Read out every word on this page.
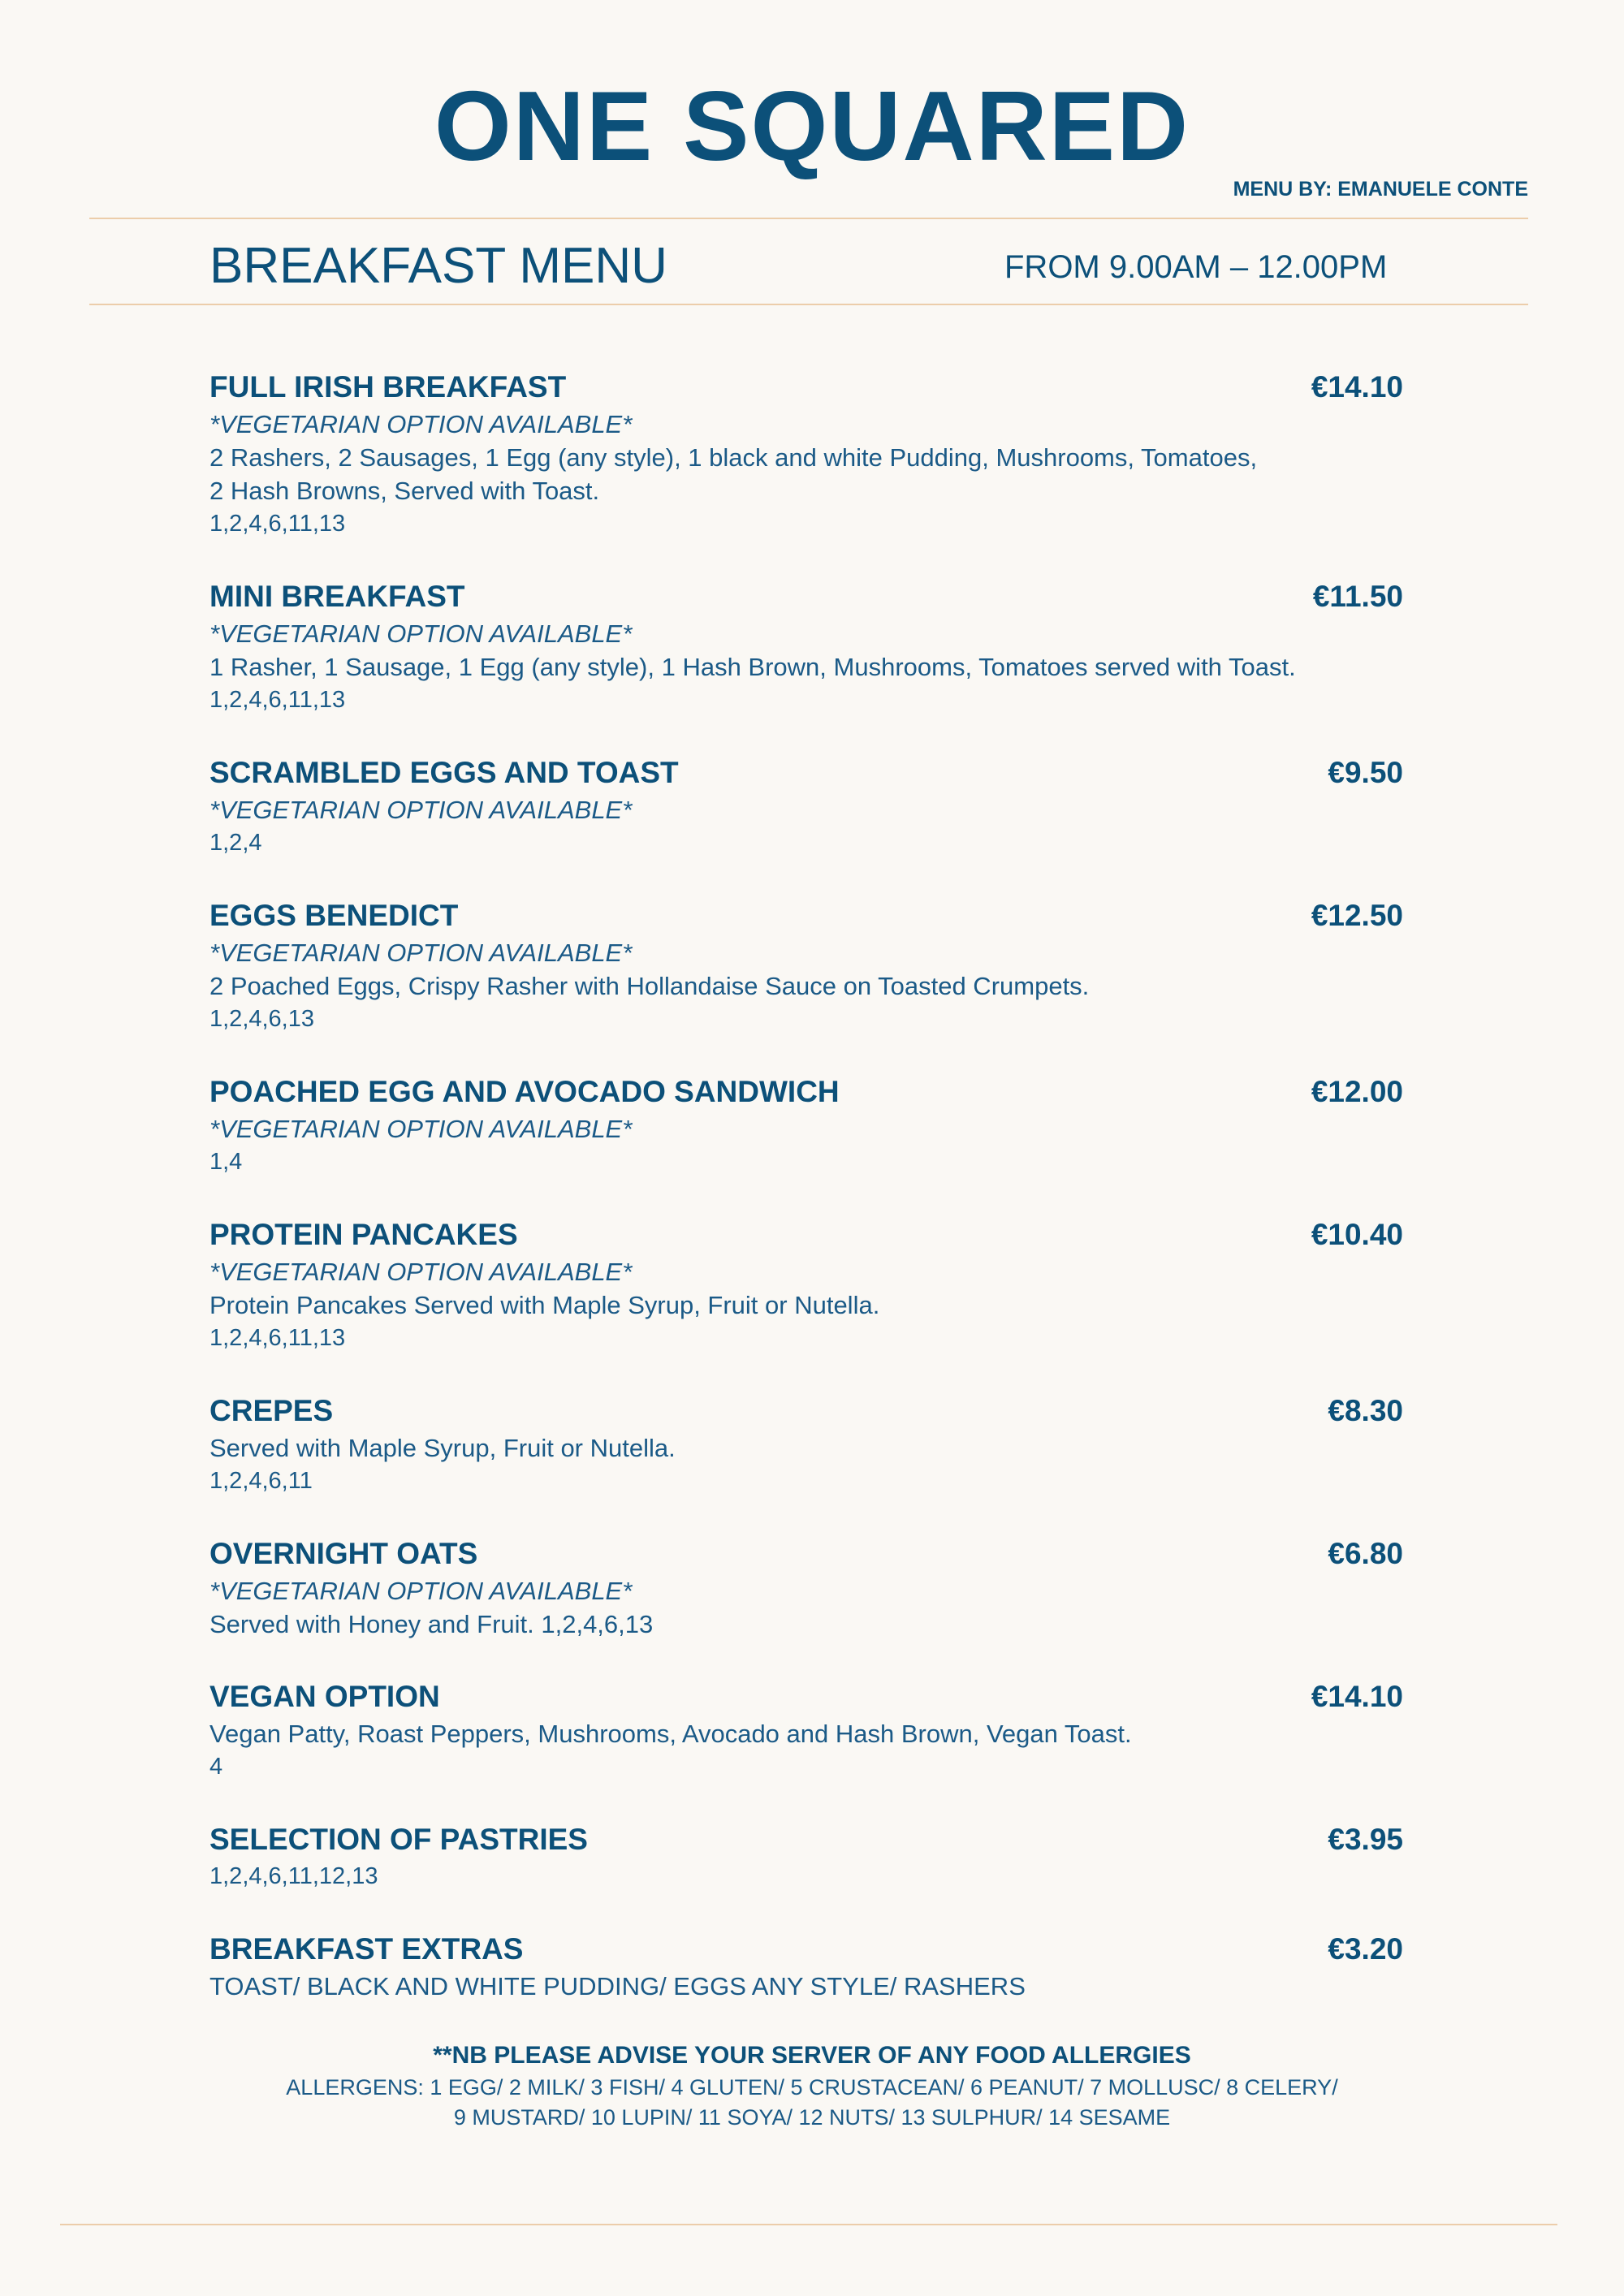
ONE SQUARED
MENU BY: EMANUELE CONTE
BREAKFAST MENU	FROM 9.00AM – 12.00PM
FULL IRISH BREAKFAST	€14.10
*VEGETARIAN OPTION AVAILABLE*
2 Rashers, 2 Sausages, 1 Egg (any style), 1 black and white Pudding, Mushrooms, Tomatoes,
2 Hash Browns, Served with Toast.
1,2,4,6,11,13
MINI BREAKFAST	€11.50
*VEGETARIAN OPTION AVAILABLE*
1 Rasher, 1 Sausage, 1 Egg (any style), 1 Hash Brown, Mushrooms, Tomatoes served with Toast.
1,2,4,6,11,13
SCRAMBLED EGGS AND TOAST	€9.50
*VEGETARIAN OPTION AVAILABLE*
1,2,4
EGGS BENEDICT	€12.50
*VEGETARIAN OPTION AVAILABLE*
2 Poached Eggs, Crispy Rasher with Hollandaise Sauce on Toasted Crumpets.
1,2,4,6,13
POACHED EGG AND AVOCADO SANDWICH	€12.00
*VEGETARIAN OPTION AVAILABLE*
1,4
PROTEIN PANCAKES	€10.40
*VEGETARIAN OPTION AVAILABLE*
Protein Pancakes Served with Maple Syrup, Fruit or Nutella.
1,2,4,6,11,13
CREPES	€8.30
Served with Maple Syrup, Fruit or Nutella.
1,2,4,6,11
OVERNIGHT OATS	€6.80
*VEGETARIAN OPTION AVAILABLE*
Served with Honey and Fruit. 1,2,4,6,13
VEGAN OPTION	€14.10
Vegan Patty, Roast Peppers, Mushrooms, Avocado and Hash Brown, Vegan Toast.
4
SELECTION OF PASTRIES	€3.95
1,2,4,6,11,12,13
BREAKFAST EXTRAS	€3.20
TOAST/ BLACK AND WHITE PUDDING/ EGGS ANY STYLE/ RASHERS
**NB PLEASE ADVISE YOUR SERVER OF ANY FOOD ALLERGIES
ALLERGENS: 1 EGG/ 2 MILK/ 3 FISH/ 4 GLUTEN/ 5 CRUSTACEAN/ 6 PEANUT/ 7 MOLLUSC/ 8 CELERY/
9 MUSTARD/ 10 LUPIN/ 11 SOYA/ 12 NUTS/ 13 SULPHUR/ 14 SESAME
